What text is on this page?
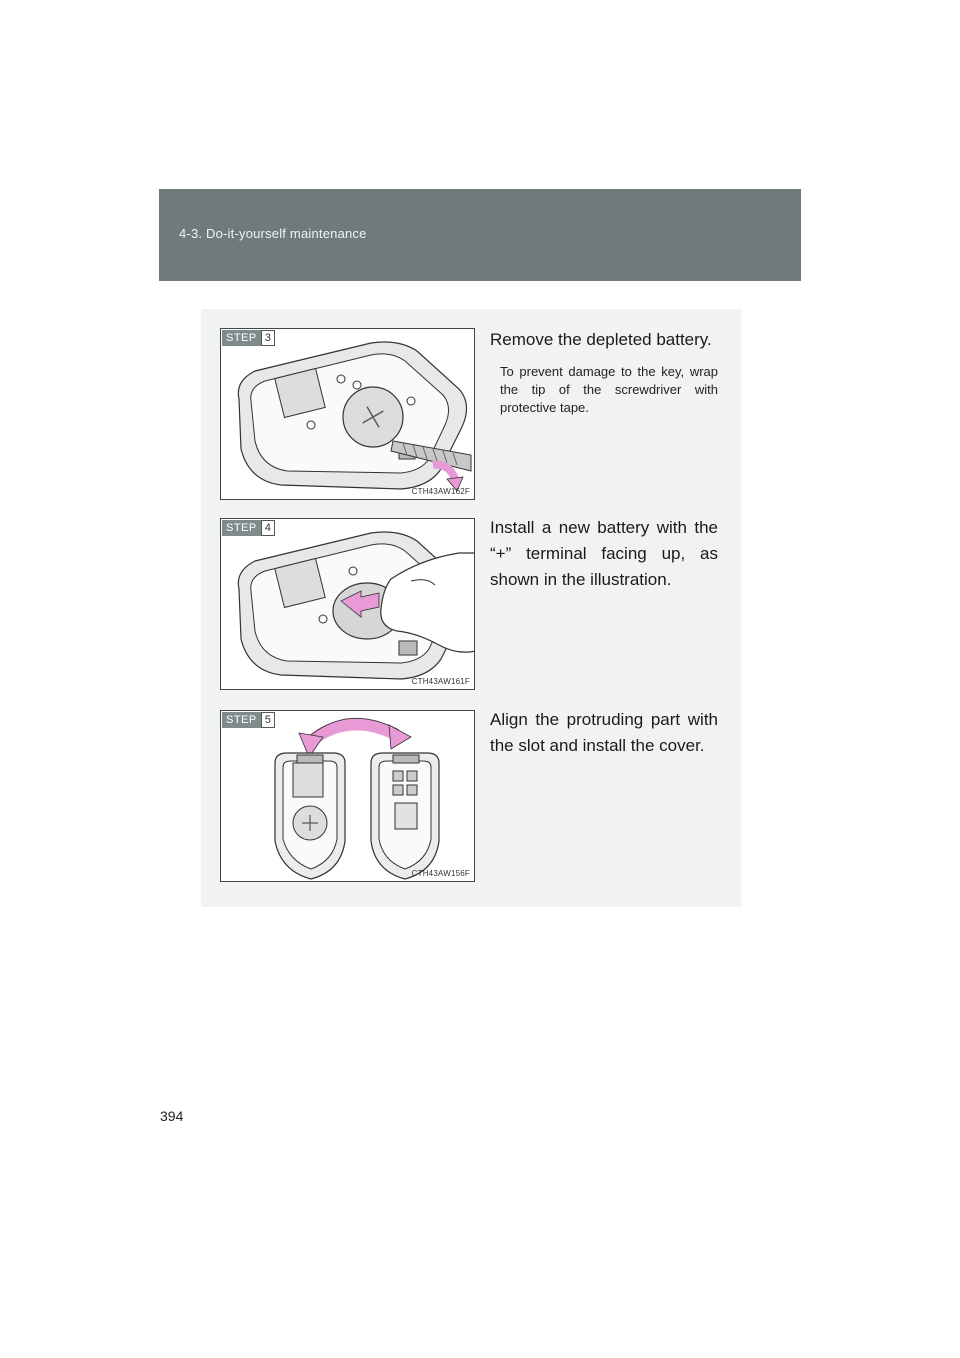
4-3. Do-it-yourself maintenance
STEP 3
CTH43AW162F

Remove the depleted battery.

To prevent damage to the key, wrap the tip of the screwdriver with protective tape.

STEP 4
CTH43AW161F

Install a new battery with the “+” terminal facing up, as shown in the illustration.

STEP 5
CTH43AW156F

Align the protruding part with the slot and install the cover.

394
